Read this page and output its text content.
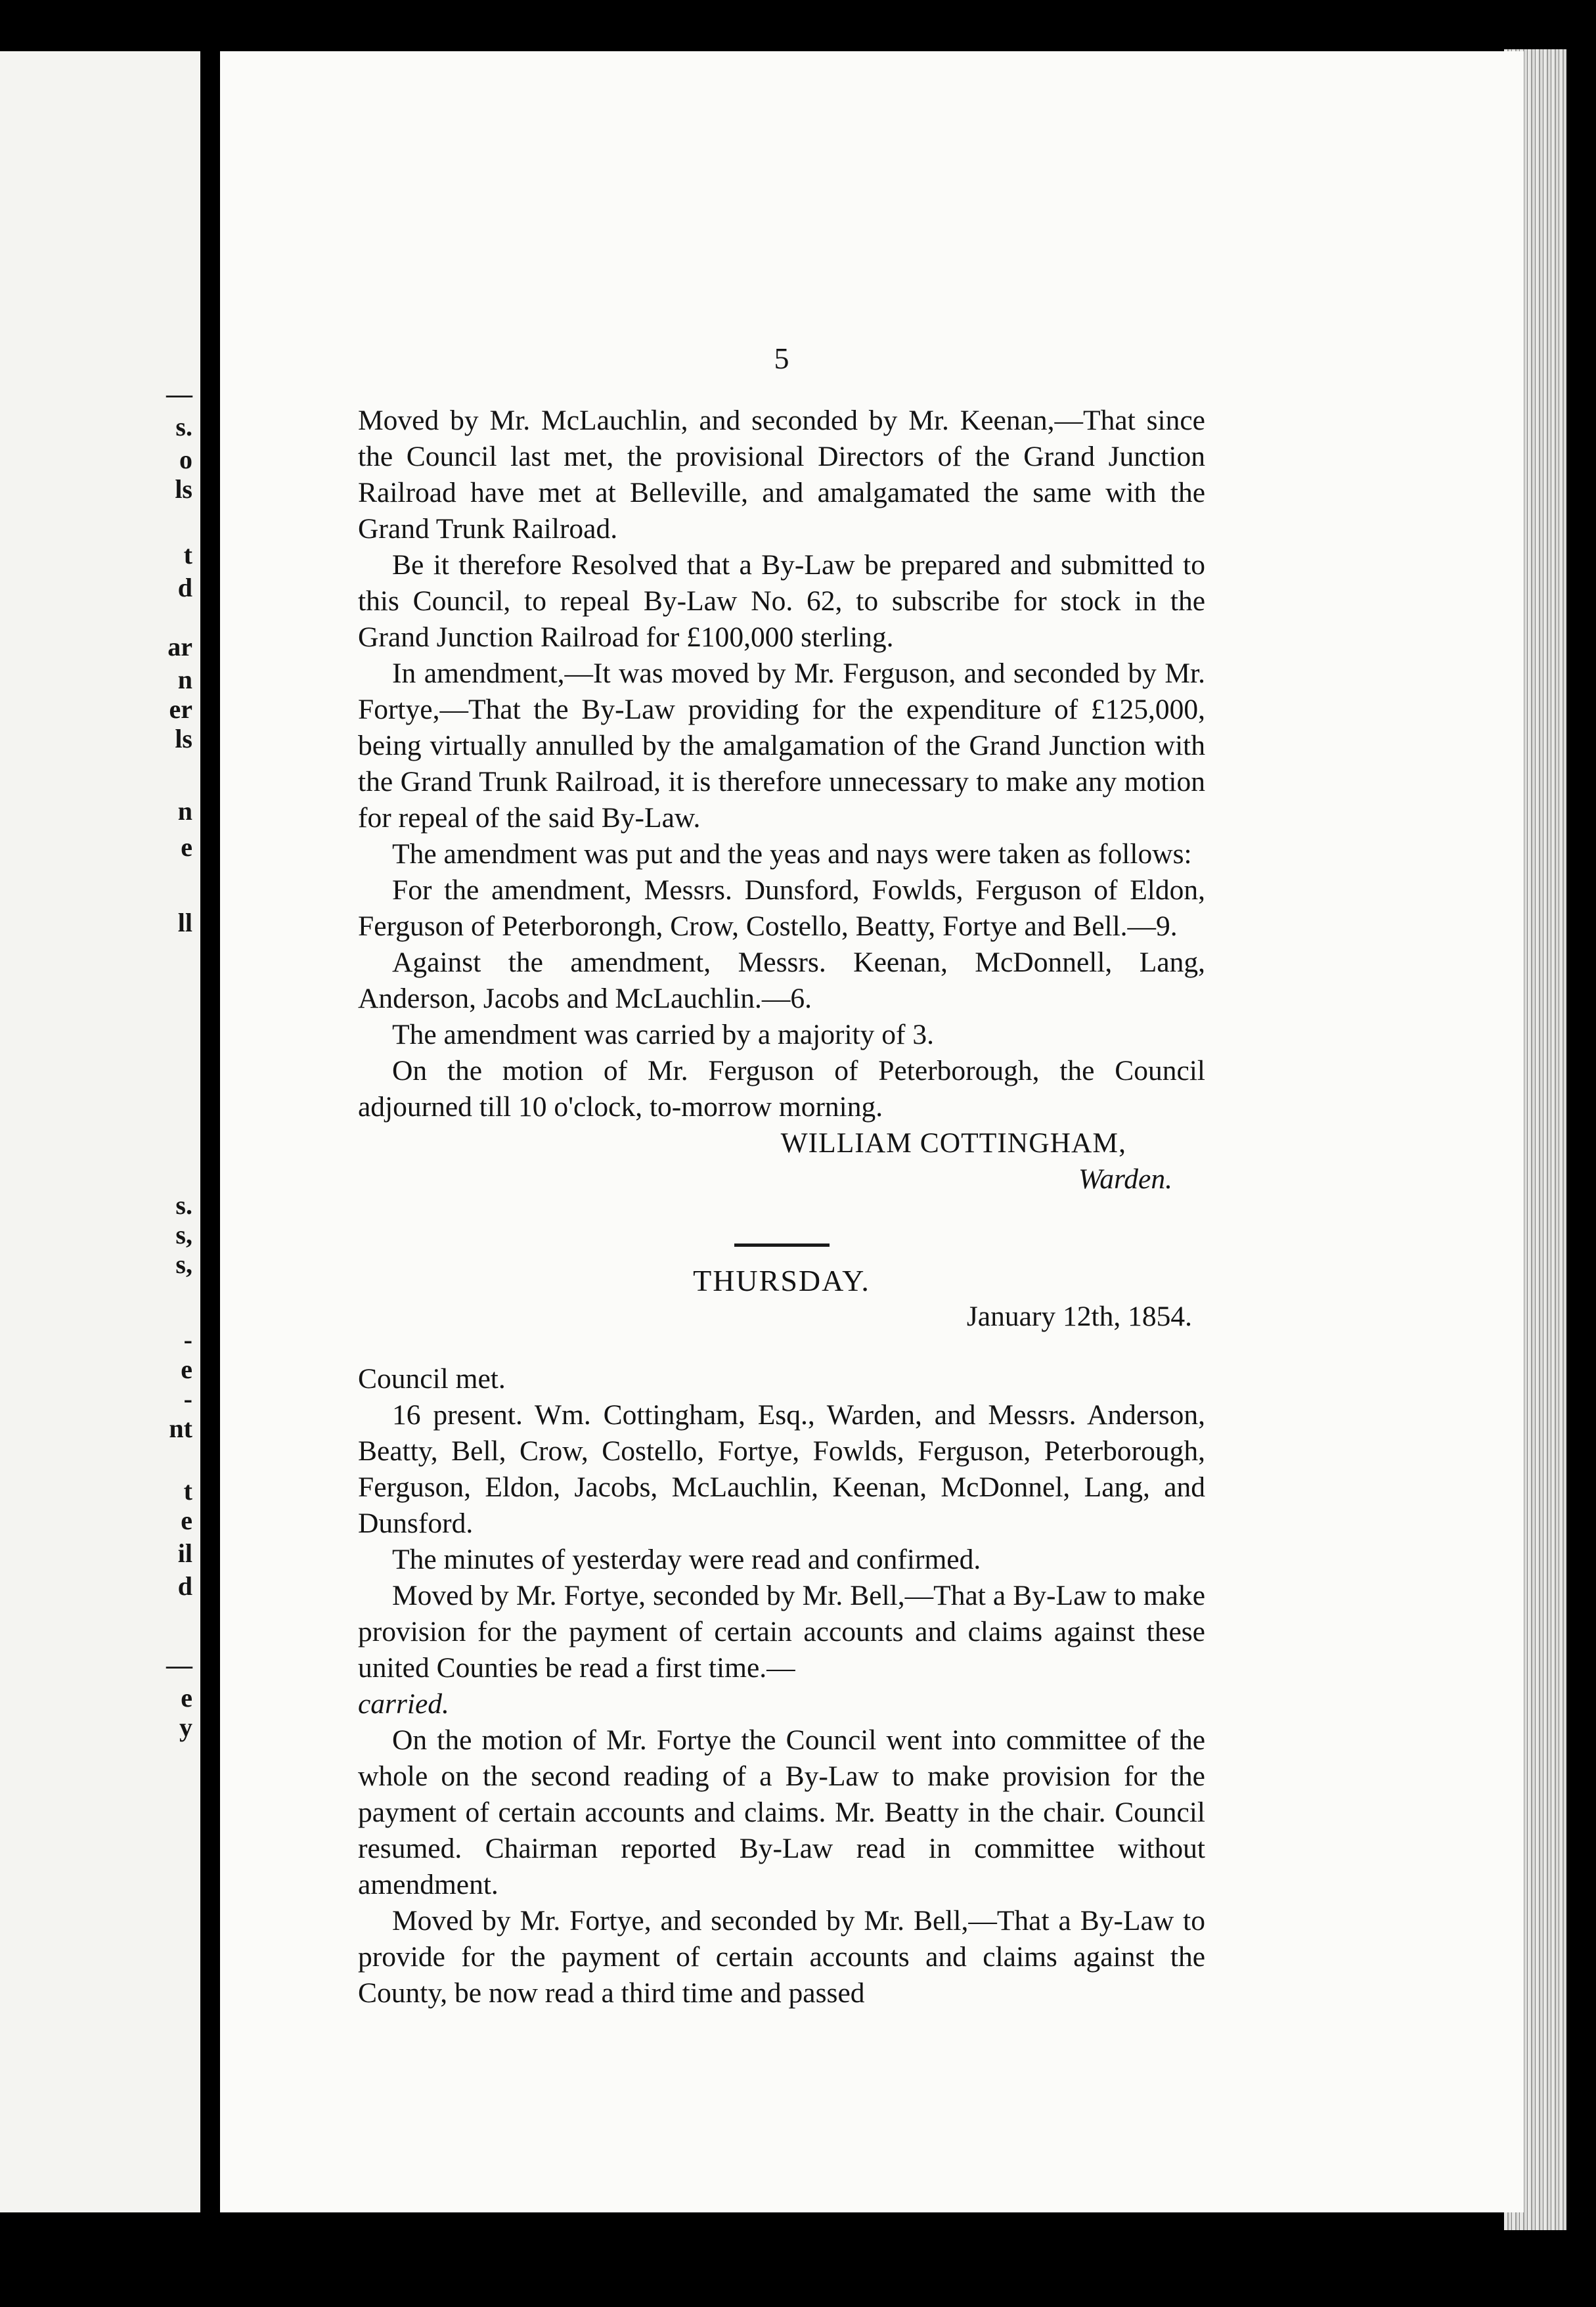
—
s.
o
ls
t
d
ar
n
er
ls
n
e
ll
s.
s,
s,
-
e
-
nt
t
e
il
d
—
e
y
5

Moved by Mr. McLauchlin, and seconded by Mr. Keenan,—That since the Council last met, the provisional Directors of the Grand Junction Railroad have met at Belleville, and amalgamated the same with the Grand Trunk Railroad.

Be it therefore Resolved that a By-Law be prepared and submitted to this Council, to repeal By-Law No. 62, to subscribe for stock in the Grand Junction Railroad for £100,000 sterling.

In amendment,—It was moved by Mr. Ferguson, and seconded by Mr. Fortye,—That the By-Law providing for the expenditure of £125,000, being virtually annulled by the amalgamation of the Grand Junction with the Grand Trunk Railroad, it is therefore unnecessary to make any motion for repeal of the said By-Law.

The amendment was put and the yeas and nays were taken as follows:

For the amendment, Messrs. Dunsford, Fowlds, Ferguson of Eldon, Ferguson of Peterborongh, Crow, Costello, Beatty, Fortye and Bell.—9.

Against the amendment, Messrs. Keenan, McDonnell, Lang, Anderson, Jacobs and McLauchlin.—6.

The amendment was carried by a majority of 3.

On the motion of Mr. Ferguson of Peterborough, the Council adjourned till 10 o'clock, to-morrow morning.

WILLIAM COTTINGHAM,
Warden.
THURSDAY.
January 12th, 1854.

Council met.

16 present. Wm. Cottingham, Esq., Warden, and Messrs. Anderson, Beatty, Bell, Crow, Costello, Fortye, Fowlds, Ferguson, Peterborough, Ferguson, Eldon, Jacobs, McLauchlin, Keenan, McDonnel, Lang, and Dunsford.

The minutes of yesterday were read and confirmed.

Moved by Mr. Fortye, seconded by Mr. Bell,—That a By-Law to make provision for the payment of certain accounts and claims against these united Counties be read a first time.—

carried.

On the motion of Mr. Fortye the Council went into committee of the whole on the second reading of a By-Law to make provision for the payment of certain accounts and claims. Mr. Beatty in the chair. Council resumed. Chairman reported By-Law read in committee without amendment.

Moved by Mr. Fortye, and seconded by Mr. Bell,—That a By-Law to provide for the payment of certain accounts and claims against the County, be now read a third time and passed
